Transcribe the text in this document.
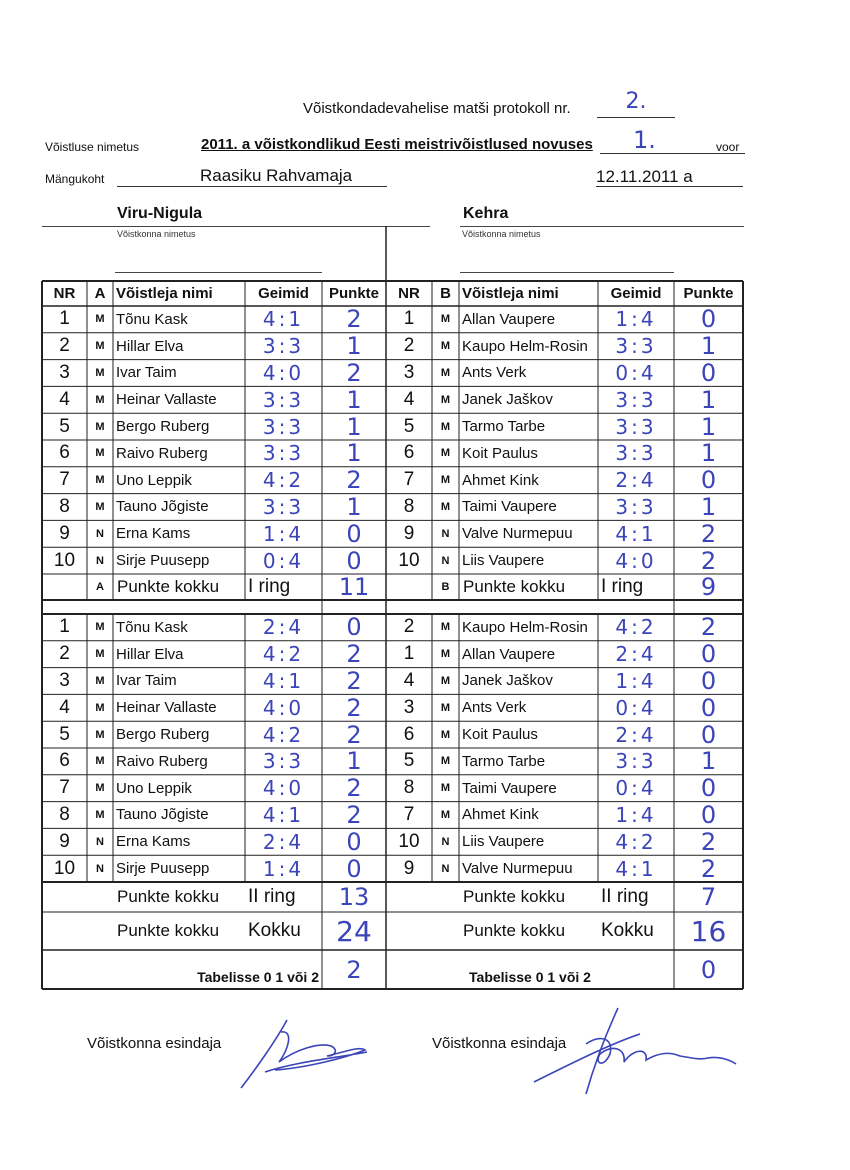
Võistkondadevahelise matši protokoll nr.	2.
Võistluse nimetus	2011. a võistkondlikud Eesti meistrivõistlused novuses 1.	voor
Mängukoht	Raasiku Rahvamaja	12.11.2011 a
Viru-Nigula
Võistkonna nimetus
Kehra
Võistkonna nimetus
NR	A Võistleja nimi	Geimid	Punkte	NR	B Võistleja nimi	Geimid	Punkte
1	M Tõnu Kask	4:1	2	1	M Allan Vaupere	1:4	0
2	M Hillar Elva	3:3	1	2	M Kaupo Helm-Rosin	3:3	1
3	M Ivar Taim	4:0	2	3	M Ants Verk	0:4	0
4	M Heinar Vallaste	3:3	1	4	M Janek Jaškov	3:3	1
5	M Bergo Ruberg	3:3	1	5	M Tarmo Tarbe	3:3	1
6	M Raivo Ruberg	3:3	1	6	M Koit Paulus	3:3	1
7	M Uno Leppik	4:2	2	7	M Ahmet Kink	2:4	0
8	M Tauno Jõgiste	3:3	1	8	M Taimi Vaupere	3:3	1
9	N Erna Kams	1:4	0	9	N Valve Nurmepuu	4:1	2
10	N Sirje Puusepp	0:4	0	10	N Liis Vaupere	4:0	2
A Punkte kokku	I ring	11	B Punkte kokku	I ring	9
1	M Tõnu Kask	2:4	0	2	M Kaupo Helm-Rosin	4:2	2
2	M Hillar Elva	4:2	2	1	M Allan Vaupere	2:4	0
3	M Ivar Taim	4:1	2	4	M Janek Jaškov	1:4	0
4	M Heinar Vallaste	4:0	2	3	M Ants Verk	0:4	0
5	M Bergo Ruberg	4:2	2	6	M Koit Paulus	2:4	0
6	M Raivo Ruberg	3:3	1	5	M Tarmo Tarbe	3:3	1
7	M Uno Leppik	4:0	2	8	M Taimi Vaupere	0:4	0
8	M Tauno Jõgiste	4:1	2	7	M Ahmet Kink	1:4	0
9	N Erna Kams	2:4	0	10	N Liis Vaupere	4:2	2
10	N Sirje Puusepp	1:4	0	9	N Valve Nurmepuu	4:1	2
Punkte kokku	II ring	13	Punkte kokku	II ring	7
Punkte kokku	Kokku	24	Punkte kokku	Kokku	16
Tabelisse 0 1 või 2	2	Tabelisse 0 1 või 2	0
Võistkonna esindaja	Võistkonna esindaja
